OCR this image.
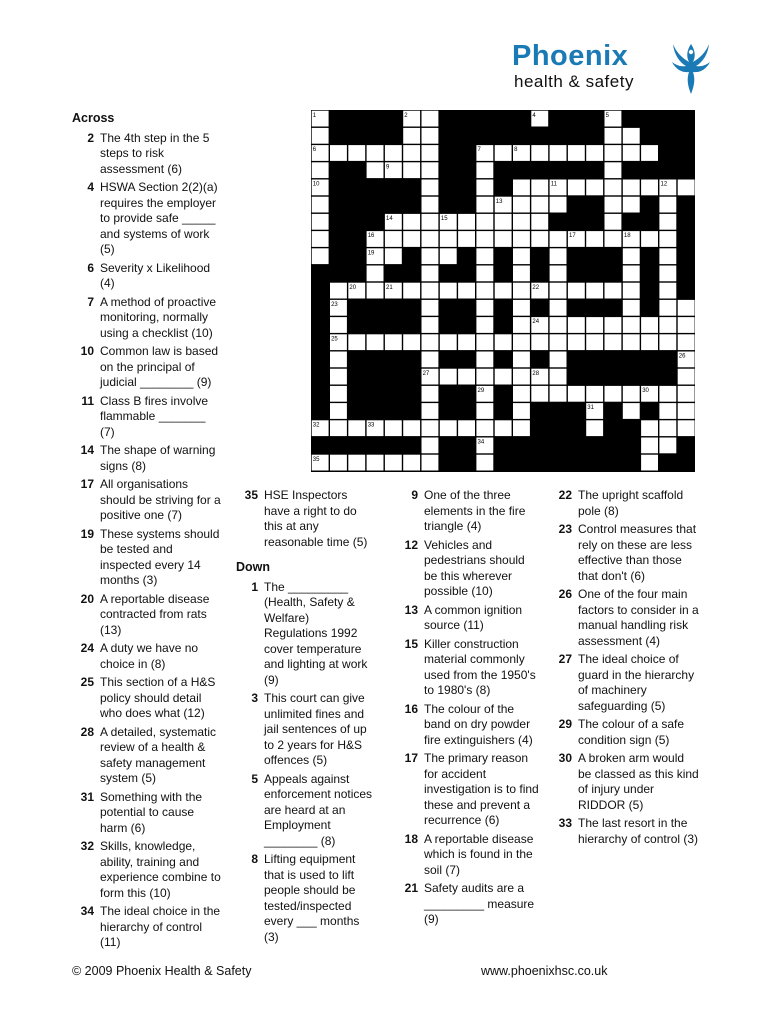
Phoenix
health & safety
1	2	3	4	5
6	7	8
9
10	11	12
13
14	15
16	17	18
19
20	21	22
23
24
25
26
27	28
29	30
31
32	33
34
35
Across
2 The 4th step in the 5 steps to risk assessment (6)
4 HSWA Section 2(2)(a) requires the employer to provide safe _____ and systems of work (5)
6 Severity x Likelihood (4)
7 A method of proactive monitoring, normally using a checklist (10)
10 Common law is based on the principal of judicial ________ (9)
11 Class B fires involve flammable _______ (7)
14 The shape of warning signs (8)
17 All organisations should be striving for a positive one (7)
19 These systems should be tested and inspected every 14 months (3)
20 A reportable disease contracted from rats (13)
24 A duty we have no choice in (8)
25 This section of a H&S policy should detail who does what (12)
28 A detailed, systematic review of a health & safety management system (5)
31 Something with the potential to cause harm (6)
32 Skills, knowledge, ability, training and experience combine to form this (10)
34 The ideal choice in the hierarchy of control (11)
35 HSE Inspectors have a right to do this at any reasonable time (5)
Down
1 The _________ (Health, Safety & Welfare) Regulations 1992 cover temperature and lighting at work (9)
3 This court can give unlimited fines and jail sentences of up to 2 years for H&S offences (5)
5 Appeals against enforcement notices are heard at an Employment ________ (8)
8 Lifting equipment that is used to lift people should be tested/inspected every ___ months (3)
9 One of the three elements in the fire triangle (4)
12 Vehicles and pedestrians should be this wherever possible (10)
13 A common ignition source (11)
15 Killer construction material commonly used from the 1950's to 1980's (8)
16 The colour of the band on dry powder fire extinguishers (4)
17 The primary reason for accident investigation is to find these and prevent a recurrence (6)
18 A reportable disease which is found in the soil (7)
21 Safety audits are a _________ measure (9)
22 The upright scaffold pole (8)
23 Control measures that rely on these are less effective than those that don't (6)
26 One of the four main factors to consider in a manual handling risk assessment (4)
27 The ideal choice of guard in the hierarchy of machinery safeguarding (5)
29 The colour of a safe condition sign (5)
30 A broken arm would be classed as this kind of injury under RIDDOR (5)
33 The last resort in the hierarchy of control (3)
© 2009 Phoenix Health & Safety	www.phoenixhsc.co.uk
